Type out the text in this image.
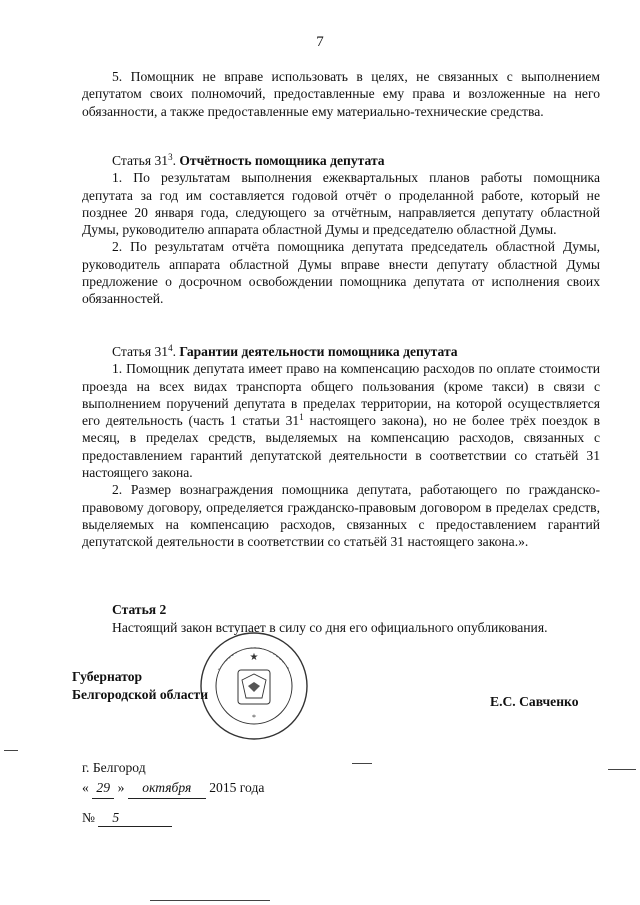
7

5. Помощник не вправе использовать в целях, не связанных с выполнением депутатом своих полномочий, предоставленные ему права и возложенные на него обязанности, а также предоставленные ему материально-технические средства.

Статья $31^3$. Отчётность помощника депутата

1. По результатам выполнения ежеквартальных планов работы помощника депутата за год им составляется годовой отчёт о проделанной работе, который не позднее 20 января года, следующего за отчётным, направляется депутату областной Думы, руководителю аппарата областной Думы и председателю областной Думы.

2. По результатам отчёта помощника депутата председатель областной Думы, руководитель аппарата областной Думы вправе внести депутату областной Думы предложение о досрочном освобождении помощника депутата от исполнения своих обязанностей.

Статья $31^4$. Гарантии деятельности помощника депутата

1. Помощник депутата имеет право на компенсацию расходов по оплате стоимости проезда на всех видах транспорта общего пользования (кроме такси) в связи с выполнением поручений депутата в пределах территории, на которой осуществляется его деятельность (часть 1 статьи $31^1$ настоящего закона), но не более трёх поездок в месяц, в пределах средств, выделяемых на компенсацию расходов, связанных с предоставлением гарантий депутатской деятельности в соответствии со статьёй 31 настоящего закона.

2. Размер вознаграждения помощника депутата, работающего по гражданско-правовому договору, определяется гражданско-правовым договором в пределах средств, выделяемых на компенсацию расходов, связанных с предоставлением гарантий депутатской деятельности в соответствии со статьёй 31 настоящего закона.».

Статья 2
Настоящий закон вступает в силу со дня его официального опубликования.
★
*
Губернатор
Белгородской области	Е.С. Савченко
г. Белгород
« 29 » октября 2015 года
№ 5
